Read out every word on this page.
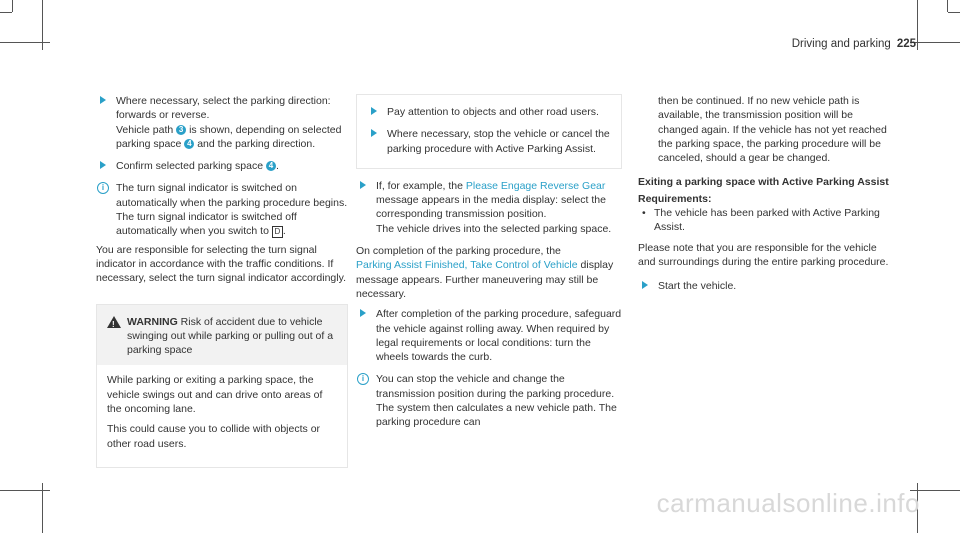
Driving and parking 225
Where necessary, select the parking direction: forwards or reverse.
Vehicle path 3 is shown, depending on selected parking space 4 and the parking direction.
Confirm selected parking space 4 .
i	The turn signal indicator is switched on automatically when the parking procedure begins. The turn signal indicator is switched off automatically when you switch to D .

You are responsible for selecting the turn signal indicator in accordance with the traffic conditions. If necessary, select the turn signal indicator accordingly.

!
WARNING Risk of accident due to vehicle swinging out while parking or pulling out of a parking space

While parking or exiting a parking space, the vehicle swings out and can drive onto areas of the oncoming lane.

This could cause you to collide with objects or other road users.

Pay attention to objects and other road users.
Where necessary, stop the vehicle or cancel the parking procedure with Active Parking Assist.
If, for example, the Please Engage Reverse Gear message appears in the media display: select the corresponding transmission position.
The vehicle drives into the selected parking space.

On completion of the parking procedure, the
Parking Assist Finished, Take Control of Vehicle display message appears. Further maneuvering may still be necessary.

After completion of the parking procedure, safeguard the vehicle against rolling away. When required by legal requirements or local conditions: turn the wheels towards the curb.
i	You can stop the vehicle and change the transmission position during the parking procedure. The system then calculates a new vehicle path. The parking procedure can
then be continued. If no new vehicle path is available, the transmission position will be changed again. If the vehicle has not yet reached the parking space, the parking procedure will be canceled, should a gear be changed.
Exiting a parking space with Active Parking Assist
Requirements:
• The vehicle has been parked with Active Parking Assist.

Please note that you are responsible for the vehicle and surroundings during the entire parking procedure.

Start the vehicle.
carmanualsonline.info
